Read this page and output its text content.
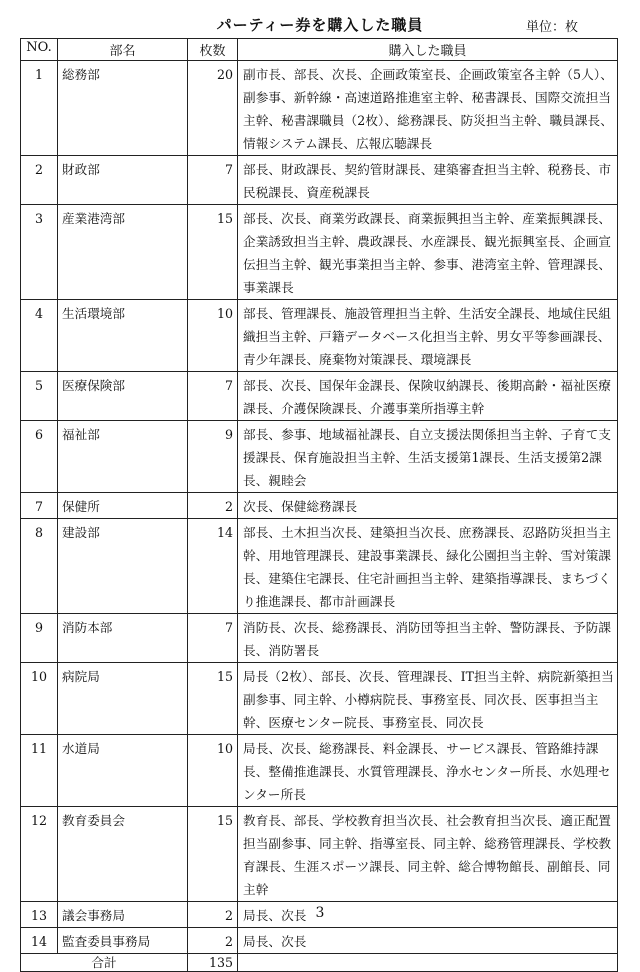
パーティー券を購入した職員	単位：枚
NO.	部名	枚数	購入した職員
1	総務部	20	副市長、部長、次長、企画政策室長、企画政策室各主幹（5人）、副参事、新幹線・高速道路推進室主幹、秘書課長、国際交流担当主幹、秘書課職員（2枚）、総務課長、防災担当主幹、職員課長、情報システム課長、広報広聴課長
2	財政部	7	部長、財政課長、契約管財課長、建築審査担当主幹、税務長、市民税課長、資産税課長
3	産業港湾部	15	部長、次長、商業労政課長、商業振興担当主幹、産業振興課長、企業誘致担当主幹、農政課長、水産課長、観光振興室長、企画宣伝担当主幹、観光事業担当主幹、参事、港湾室主幹、管理課長、事業課長
4	生活環境部	10	部長、管理課長、施設管理担当主幹、生活安全課長、地域住民組織担当主幹、戸籍データベース化担当主幹、男女平等参画課長、青少年課長、廃棄物対策課長、環境課長
5	医療保険部	7	部長、次長、国保年金課長、保険収納課長、後期高齢・福祉医療課長、介護保険課長、介護事業所指導主幹
6	福祉部	9	部長、参事、地域福祉課長、自立支援法関係担当主幹、子育て支援課長、保育施設担当主幹、生活支援第1課長、生活支援第2課長、親睦会
7	保健所	2	次長、保健総務課長
8	建設部	14	部長、土木担当次長、建築担当次長、庶務課長、忍路防災担当主幹、用地管理課長、建設事業課長、緑化公園担当主幹、雪対策課長、建築住宅課長、住宅計画担当主幹、建築指導課長、まちづくり推進課長、都市計画課長
9	消防本部	7	消防長、次長、総務課長、消防団等担当主幹、警防課長、予防課長、消防署長
10	病院局	15	局長（2枚）、部長、次長、管理課長、IT担当主幹、病院新築担当副参事、同主幹、小樽病院長、事務室長、同次長、医事担当主幹、医療センター院長、事務室長、同次長
11	水道局	10	局長、次長、総務課長、料金課長、サービス課長、管路維持課長、整備推進課長、水質管理課長、浄水センター所長、水処理センター所長
12	教育委員会	15	教育長、部長、学校教育担当次長、社会教育担当次長、適正配置担当副参事、同主幹、指導室長、同主幹、総務管理課長、学校教育課長、生涯スポーツ課長、同主幹、総合博物館長、副館長、同主幹
13	議会事務局	2	局長、次長
14	監査委員事務局	2	局長、次長
合計		135	
3
